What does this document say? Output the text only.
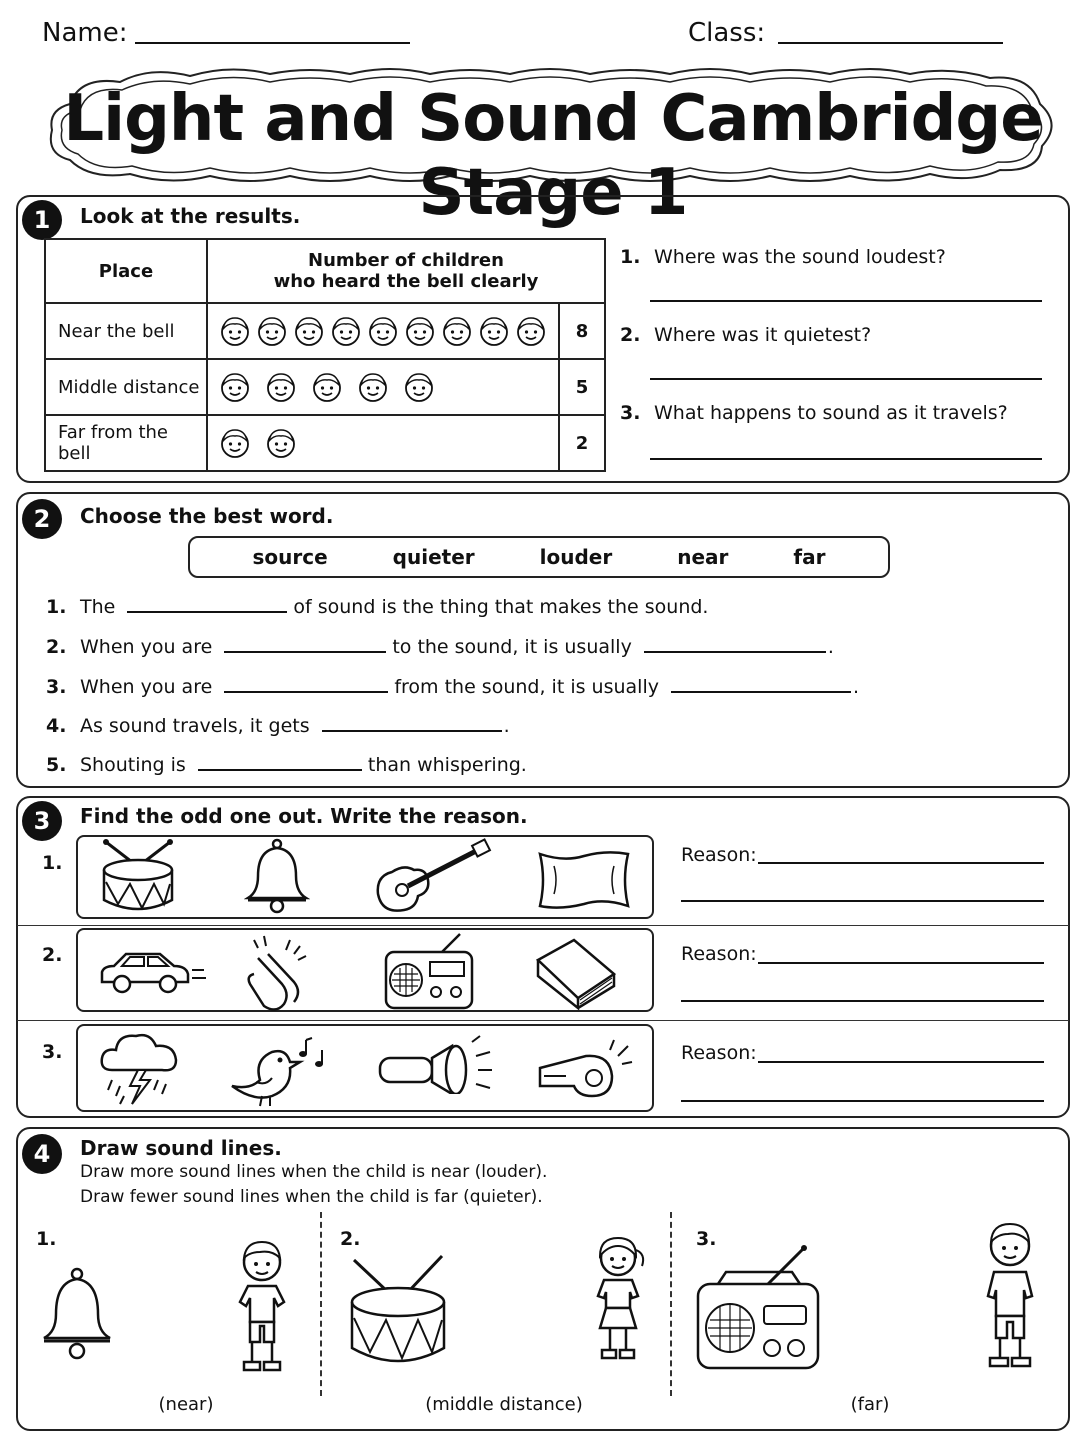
Name:	Class:
Light and Sound Cambridge Stage 1
1	Look at the results.
Place	Number of children
who heard the bell clearly	

Near the bell		8
Middle distance		5
Far from the bell		2
1. Where was the sound loudest?
2. Where was it quietest?
3. What happens to sound as it travels?
2	Choose the best word.
source	quieter	louder	near	far
1. The	of sound is the thing that makes the sound.
2. When you are	to the sound, it is usually	.
3. When you are	from the sound, it is usually	.
4. As sound travels, it gets	.
5. Shouting is	than whispering.
3	Find the odd one out. Write the reason.
1.	Reason:
2.	Reason:
3.	Reason:
4	Draw sound lines.
Draw more sound lines when the child is near (louder).
Draw fewer sound lines when the child is far (quieter).
1.
(near)
2.
(middle distance)
3.
(far)
